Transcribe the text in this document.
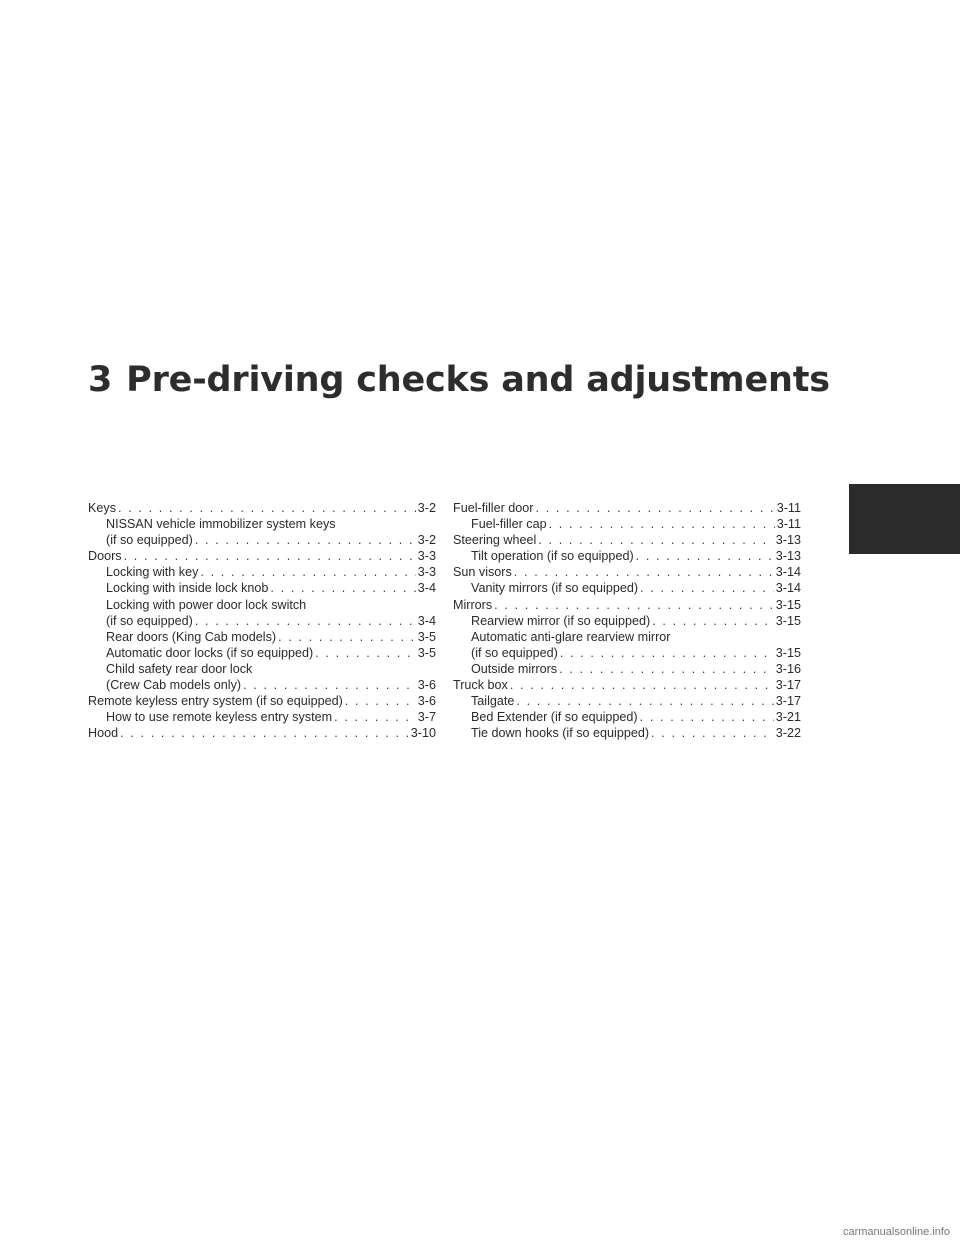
3 Pre-driving checks and adjustments
Keys . . .	3-2
NISSAN vehicle immobilizer system keys
(if so equipped) . . .	3-2
Doors . . .	3-3
Locking with key . . .	3-3
Locking with inside lock knob . . .	3-4
Locking with power door lock switch
(if so equipped) . . .	3-4
Rear doors (King Cab models) . . .	3-5
Automatic door locks (if so equipped) . . .	3-5
Child safety rear door lock
(Crew Cab models only) . . .	3-6
Remote keyless entry system (if so equipped) . . .	3-6
How to use remote keyless entry system . . .	3-7
Hood . . .	3-10
Fuel-filler door . . .	3-11
Fuel-filler cap . . .	3-11
Steering wheel . . .	3-13
Tilt operation (if so equipped) . . .	3-13
Sun visors . . .	3-14
Vanity mirrors (if so equipped) . . .	3-14
Mirrors . . .	3-15
Rearview mirror (if so equipped) . . .	3-15
Automatic anti-glare rearview mirror
(if so equipped) . . .	3-15
Outside mirrors . . .	3-16
Truck box . . .	3-17
Tailgate . . .	3-17
Bed Extender (if so equipped) . . .	3-21
Tie down hooks (if so equipped) . . .	3-22
carmanualsonline.info
